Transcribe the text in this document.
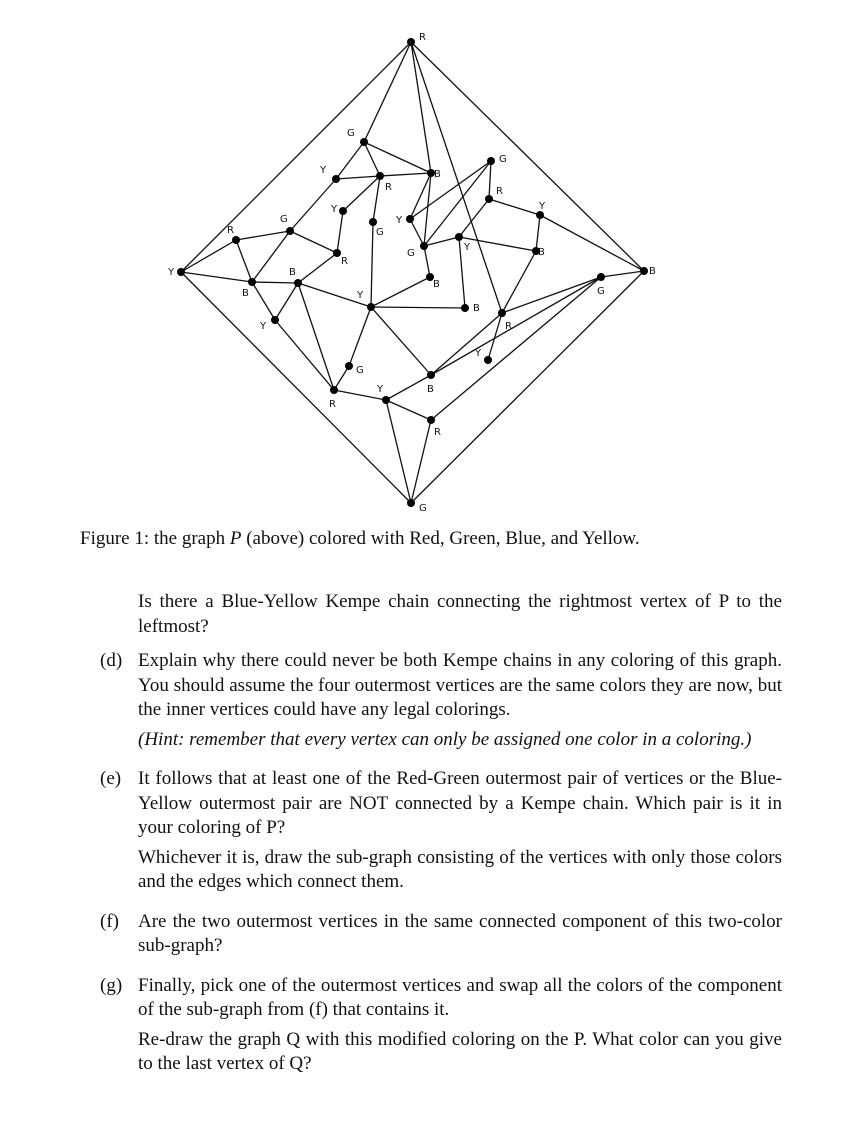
R
Y	B
G
G
Y
R
B
G
R
Y
Y
G
Y
G
Y	B
R
G
R
B
B
B
Y
B
R
G
Y
Y
G
B
R
Y
R
Figure 1: the graph P (above) colored with Red, Green, Blue, and Yellow.
Is there a Blue-Yellow Kempe chain connecting the rightmost vertex of P to the leftmost?
(d) Explain why there could never be both Kempe chains in any coloring of this graph. You should assume the four outermost vertices are the same colors they are now, but the inner vertices could have any legal colorings.

(Hint: remember that every vertex can only be assigned one color in a coloring.)

(e) It follows that at least one of the Red-Green outermost pair of vertices or the Blue-Yellow outermost pair are NOT connected by a Kempe chain. Which pair is it in your coloring of P?

Whichever it is, draw the sub-graph consisting of the vertices with only those colors and the edges which connect them.

(f)	Are the two outermost vertices in the same connected component of this two-color sub-graph?

(g) Finally, pick one of the outermost vertices and swap all the colors of the component of the sub-graph from (f) that contains it.

Re-draw the graph Q with this modified coloring on the P. What color can you give to the last vertex of Q?
